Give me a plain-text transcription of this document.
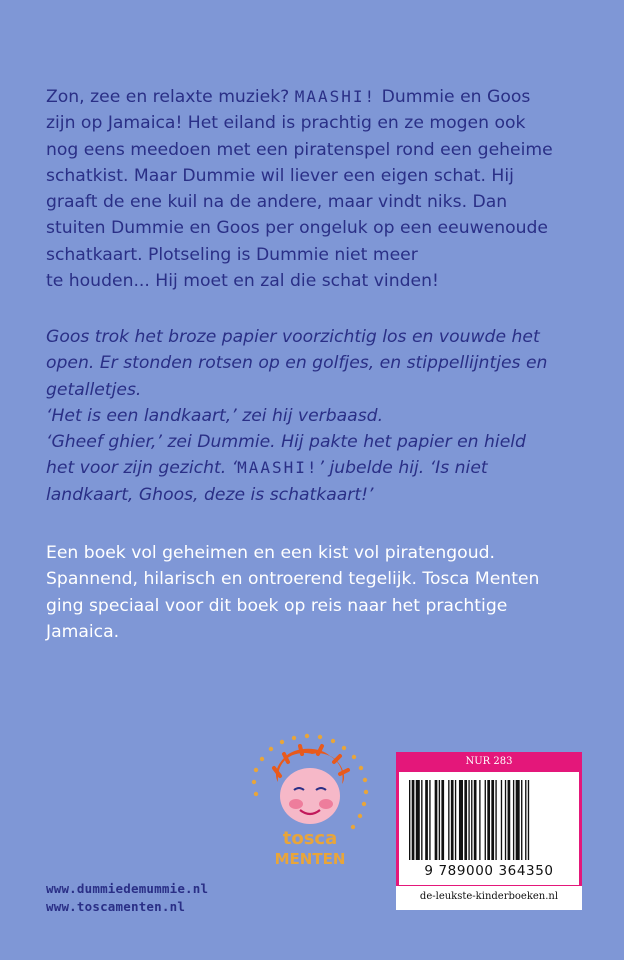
Zon, zee en relaxte muziek? MAASHI! Dummie en Goos

zijn op Jamaica! Het eiland is prachtig en ze mogen ook

nog eens meedoen met een piratenspel rond een geheime

schatkist. Maar Dummie wil liever een eigen schat. Hij

graaft de ene kuil na de andere, maar vindt niks. Dan

stuiten Dummie en Goos per ongeluk op een eeuwenoude

schatkaart. Plotseling is Dummie niet meer

te houden... Hij moet en zal die schat vinden!

Goos trok het broze papier voorzichtig los en vouwde het

open. Er stonden rotsen op en golfjes, en stippellijntjes en

getalletjes.

‘Het is een landkaart,’ zei hij verbaasd.

‘Gheef ghier,’ zei Dummie. Hij pakte het papier en hield

het voor zijn gezicht. ‘MAASHI!’ jubelde hij. ‘Is niet

landkaart, Ghoos, deze is schatkaart!’

Een boek vol geheimen en een kist vol piratengoud.

Spannend, hilarisch en ontroerend tegelijk. Tosca Menten

ging speciaal voor dit boek op reis naar het prachtige

Jamaica.

tosca
MENTEN
www.dummiedemummie.nl
www.toscamenten.nl
NUR 283
9 789000 364350
de-leukste-kinderboeken.nl
